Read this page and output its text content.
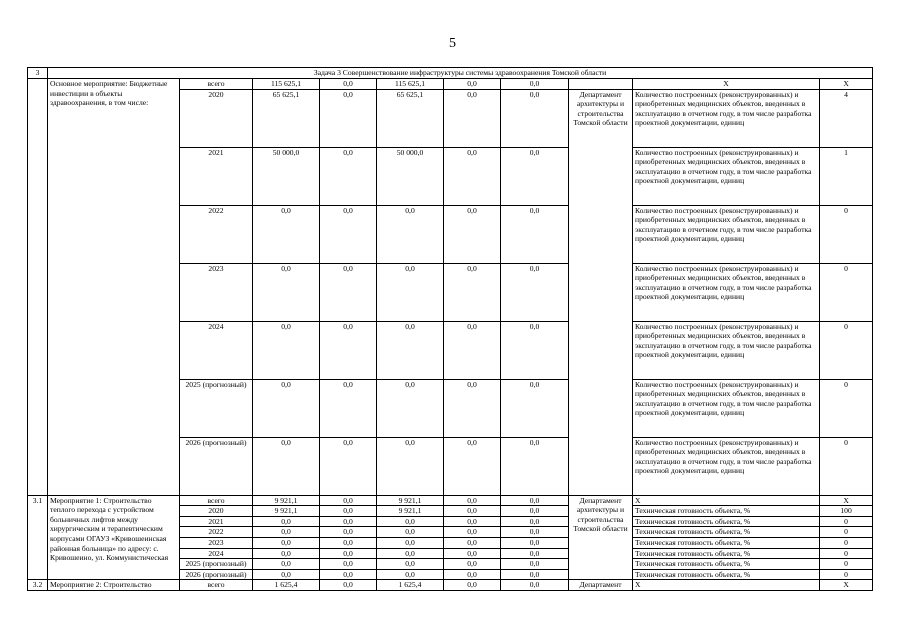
5
3	Задача 3 Совершенствование инфраструктуры системы здравоохранения Томской области									
	Основное мероприятие: Бюджетные инвестиции в объекты здравоохранения, в том числе:	всего	115 625,1	0,0	115 625,1	0,0	0,0		Х	Х
		2020	65 625,1	0,0	65 625,1	0,0	0,0	Департамент архитектуры и строительства Томской области	Количество построенных (реконструированных) и приобретенных медицинских объектов, введенных в эксплуатацию в отчетном году, в том числе разработка проектной документации, единиц	4
		2021	50 000,0	0,0	50 000,0	0,0	0,0		Количество построенных (реконструированных) и приобретенных медицинских объектов, введенных в эксплуатацию в отчетном году, в том числе разработка проектной документации, единиц	1
		2022	0,0	0,0	0,0	0,0	0,0		Количество построенных (реконструированных) и приобретенных медицинских объектов, введенных в эксплуатацию в отчетном году, в том числе разработка проектной документации, единиц	0
		2023	0,0	0,0	0,0	0,0	0,0		Количество построенных (реконструированных) и приобретенных медицинских объектов, введенных в эксплуатацию в отчетном году, в том числе разработка проектной документации, единиц	0
		2024	0,0	0,0	0,0	0,0	0,0		Количество построенных (реконструированных) и приобретенных медицинских объектов, введенных в эксплуатацию в отчетном году, в том числе разработка проектной документации, единиц	0
		2025 (прогнозный)	0,0	0,0	0,0	0,0	0,0		Количество построенных (реконструированных) и приобретенных медицинских объектов, введенных в эксплуатацию в отчетном году, в том числе разработка проектной документации, единиц	0
		2026 (прогнозный)	0,0	0,0	0,0	0,0	0,0		Количество построенных (реконструированных) и приобретенных медицинских объектов, введенных в эксплуатацию в отчетном году, в том числе разработка проектной документации, единиц	0
3.1	Мероприятие 1: Строительство теплого перехода с устройством больничных лифтов между хирургическим и терапевтическим корпусами ОГАУЗ «Кривошеинская районная больница» по адресу: с. Кривошеино, ул. Коммунистическая	всего	9 921,1	0,0	9 921,1	0,0	0,0	Департамент архитектуры и строительства Томской области	Х	Х
		2020	9 921,1	0,0	9 921,1	0,0	0,0		Техническая готовность объекта, %	100
		2021	0,0	0,0	0,0	0,0	0,0		Техническая готовность объекта, %	0
		2022	0,0	0,0	0,0	0,0	0,0		Техническая готовность объекта, %	0
		2023	0,0	0,0	0,0	0,0	0,0		Техническая готовность объекта, %	0
		2024	0,0	0,0	0,0	0,0	0,0		Техническая готовность объекта, %	0
		2025 (прогнозный)	0,0	0,0	0,0	0,0	0,0		Техническая готовность объекта, %	0
		2026 (прогнозный)	0,0	0,0	0,0	0,0	0,0		Техническая готовность объекта, %	0
3.2	Мероприятие 2: Строительство	всего	1 625,4	0,0	1 625,4	0,0	0,0	Департамент	Х	Х
